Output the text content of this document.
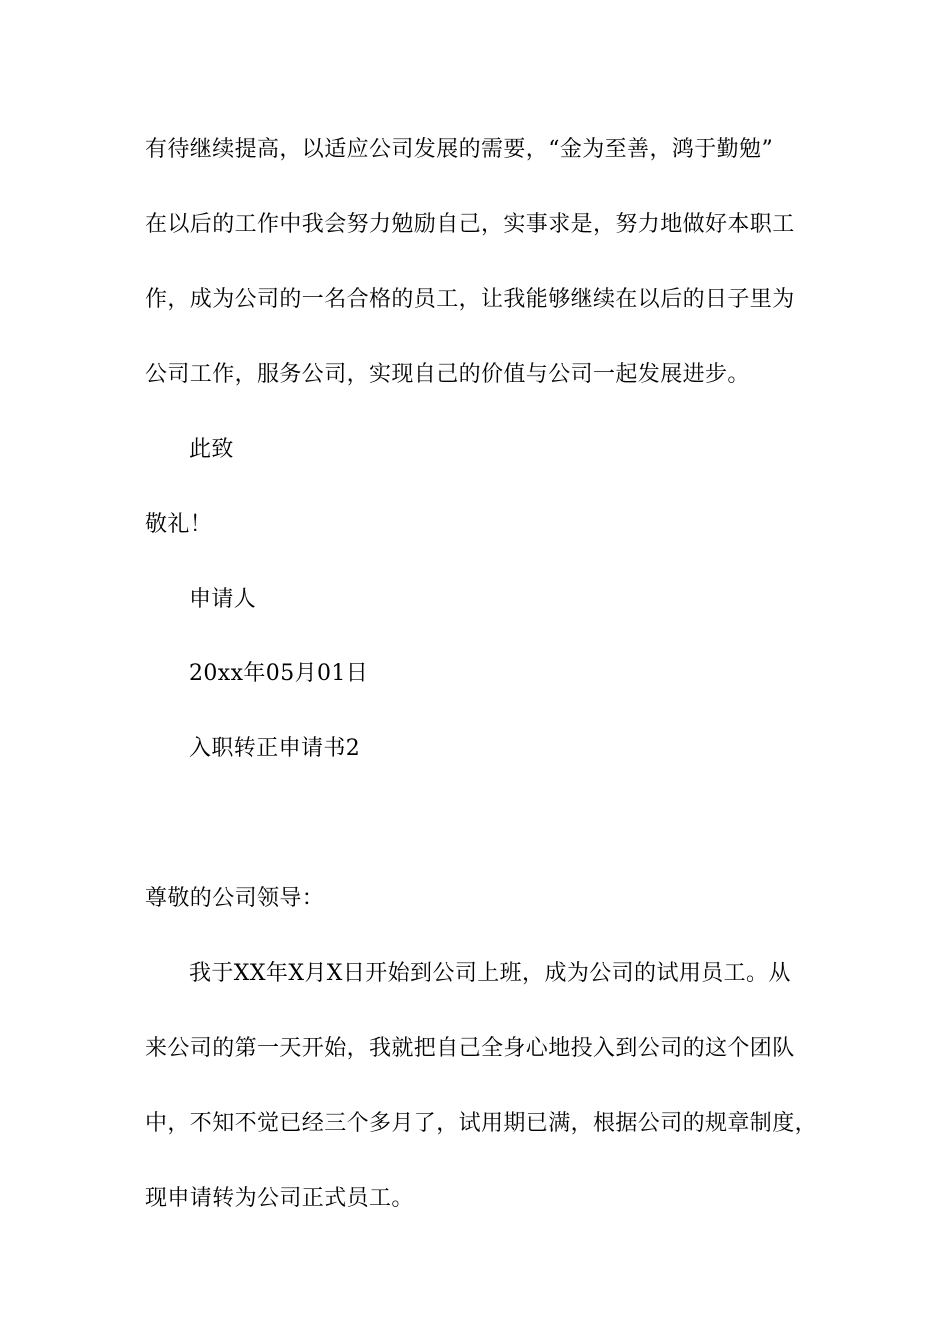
有待继续提高，以适应公司发展的需要，“金为至善，鸿于勤勉”
在以后的工作中我会努力勉励自己，实事求是，努力地做好本职工
作，成为公司的一名合格的员工，让我能够继续在以后的日子里为
公司工作，服务公司，实现自己的价值与公司一起发展进步。
此致
敬礼！
申请人
20xx年05月01日
入职转正申请书2
尊敬的公司领导：
我于XX年X月X日开始到公司上班，成为公司的试用员工。从
来公司的第一天开始，我就把自己全身心地投入到公司的这个团队
中，不知不觉已经三个多月了，试用期已满，根据公司的规章制度，
现申请转为公司正式员工。
